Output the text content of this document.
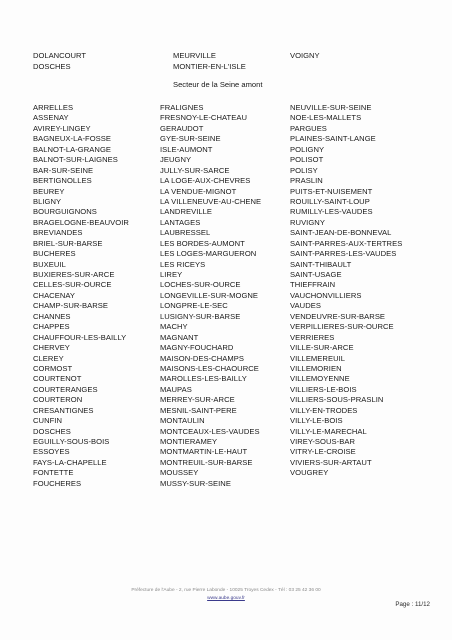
DOLANCOURT
DOSCHES
MEURVILLE
MONTIER-EN-L'ISLE
VOIGNY
Secteur de la Seine amont
ARRELLES
ASSENAY
AVIREY-LINGEY
BAGNEUX-LA-FOSSE
BALNOT-LA-GRANGE
BALNOT-SUR-LAIGNES
BAR-SUR-SEINE
BERTIGNOLLES
BEUREY
BLIGNY
BOURGUIGNONS
BRAGELOGNE-BEAUVOIR
BREVIANDES
BRIEL-SUR-BARSE
BUCHERES
BUXEUIL
BUXIERES-SUR-ARCE
CELLES-SUR-OURCE
CHACENAY
CHAMP-SUR-BARSE
CHANNES
CHAPPES
CHAUFFOUR-LES-BAILLY
CHERVEY
CLEREY
CORMOST
COURTENOT
COURTERANGES
COURTERON
CRESANTIGNES
CUNFIN
DOSCHES
EGUILLY-SOUS-BOIS
ESSOYES
FAYS-LA-CHAPELLE
FONTETTE
FOUCHERES
FRALIGNES
FRESNOY-LE-CHATEAU
GERAUDOT
GYE-SUR-SEINE
ISLE-AUMONT
JEUGNY
JULLY-SUR-SARCE
LA LOGE-AUX-CHEVRES
LA VENDUE-MIGNOT
LA VILLENEUVE-AU-CHENE
LANDREVILLE
LANTAGES
LAUBRESSEL
LES BORDES-AUMONT
LES LOGES-MARGUERON
LES RICEYS
LIREY
LOCHES-SUR-OURCE
LONGEVILLE-SUR-MOGNE
LONGPRE-LE-SEC
LUSIGNY-SUR-BARSE
MACHY
MAGNANT
MAGNY-FOUCHARD
MAISON-DES-CHAMPS
MAISONS-LES-CHAOURCE
MAROLLES-LES-BAILLY
MAUPAS
MERREY-SUR-ARCE
MESNIL-SAINT-PERE
MONTAULIN
MONTCEAUX-LES-VAUDES
MONTIERAMEY
MONTMARTIN-LE-HAUT
MONTREUIL-SUR-BARSE
MOUSSEY
MUSSY-SUR-SEINE
NEUVILLE-SUR-SEINE
NOE-LES-MALLETS
PARGUES
PLAINES-SAINT-LANGE
POLIGNY
POLISOT
POLISY
PRASLIN
PUITS-ET-NUISEMENT
ROUILLY-SAINT-LOUP
RUMILLY-LES-VAUDES
RUVIGNY
SAINT-JEAN-DE-BONNEVAL
SAINT-PARRES-AUX-TERTRES
SAINT-PARRES-LES-VAUDES
SAINT-THIBAULT
SAINT-USAGE
THIEFFRAIN
VAUCHONVILLIERS
VAUDES
VENDEUVRE-SUR-BARSE
VERPILLIERES-SUR-OURCE
VERRIERES
VILLE-SUR-ARCE
VILLEMEREUIL
VILLEMORIEN
VILLEMOYENNE
VILLIERS-LE-BOIS
VILLIERS-SOUS-PRASLIN
VILLY-EN-TRODES
VILLY-LE-BOIS
VILLY-LE-MARECHAL
VIREY-SOUS-BAR
VITRY-LE-CROISE
VIVIERS-SUR-ARTAUT
VOUGREY
Préfecture de l'Aube - 2, rue Pierre Labonde - 10025 Troyes Cedex - Tél : 03 25 42 36 00
www.aube.gouv.fr
Page : 11/12
